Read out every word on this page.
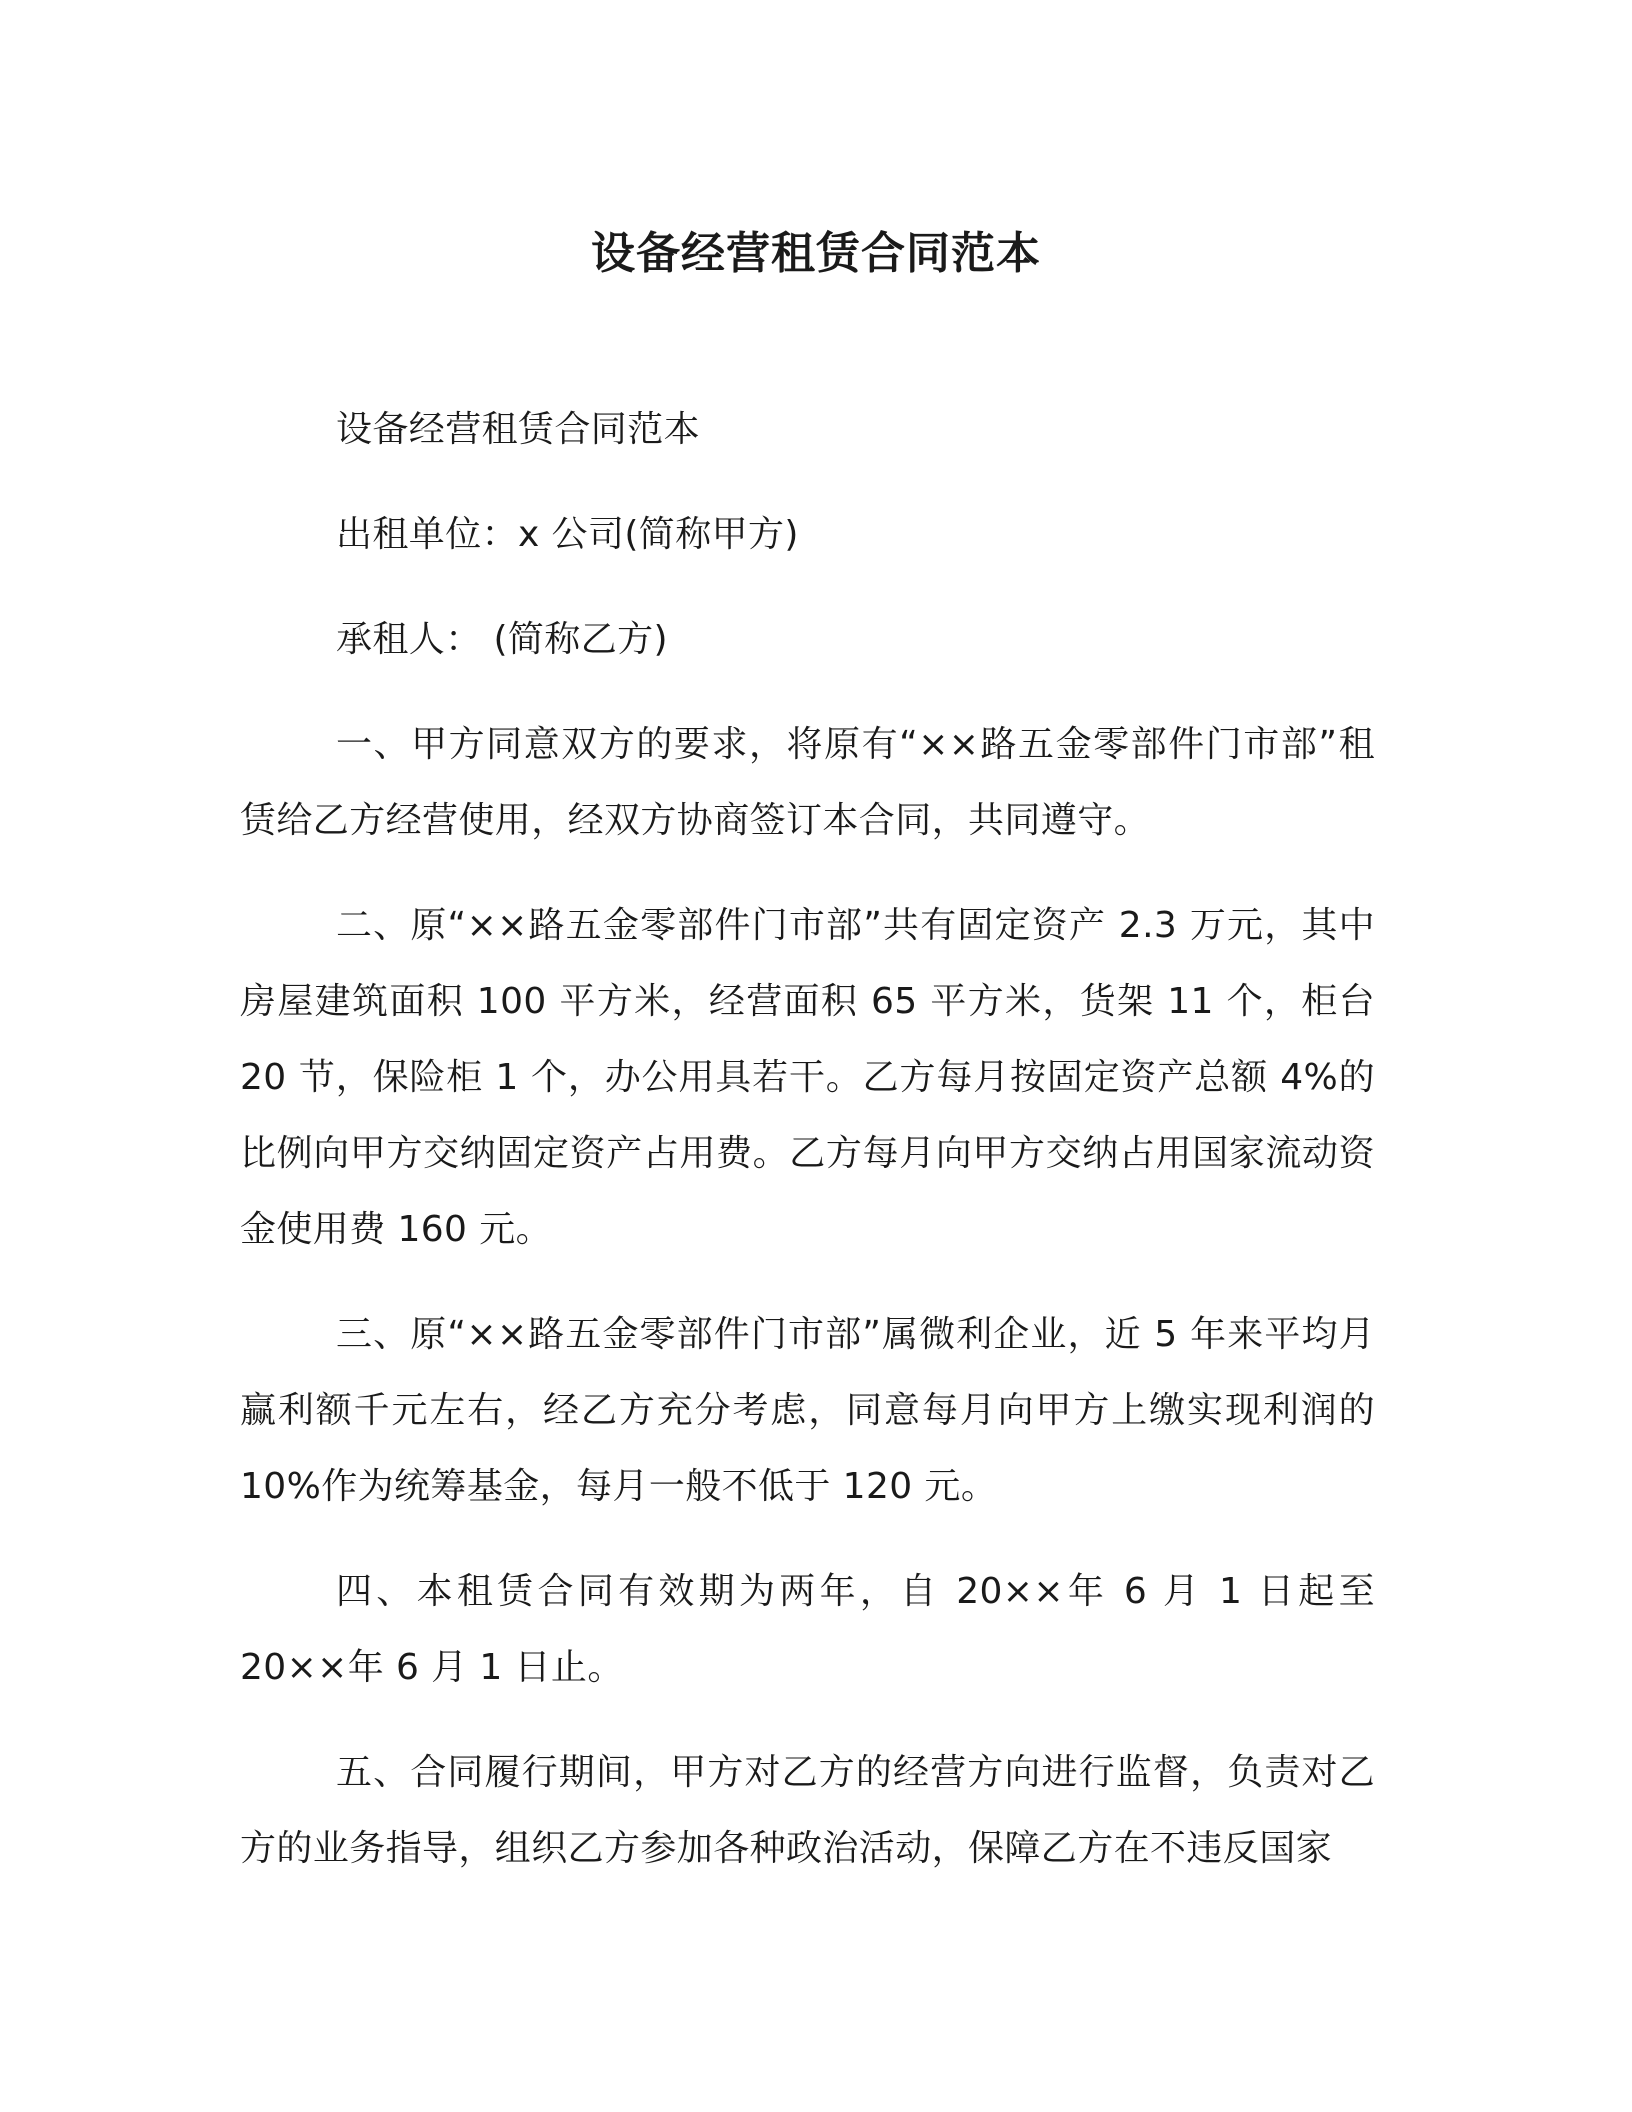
设备经营租赁合同范本

设备经营租赁合同范本

出租单位：x 公司(简称甲方)

承租人： (简称乙方)

一、甲方同意双方的要求，将原有“××路五金零部件门市部”租赁给乙方经营使用，经双方协商签订本合同，共同遵守。

二、原“××路五金零部件门市部”共有固定资产 2.3 万元，其中房屋建筑面积 100 平方米，经营面积 65 平方米，货架 11 个，柜台 20 节，保险柜 1 个，办公用具若干。乙方每月按固定资产总额 4%的比例向甲方交纳固定资产占用费。乙方每月向甲方交纳占用国家流动资金使用费 160 元。

三、原“××路五金零部件门市部”属微利企业，近 5 年来平均月赢利额千元左右，经乙方充分考虑，同意每月向甲方上缴实现利润的 10%作为统筹基金，每月一般不低于 120 元。

四、本租赁合同有效期为两年，自 20××年 6 月 1 日起至 20××年 6 月 1 日止。

五、合同履行期间，甲方对乙方的经营方向进行监督，负责对乙方的业务指导，组织乙方参加各种政治活动，保障乙方在不违反国家
